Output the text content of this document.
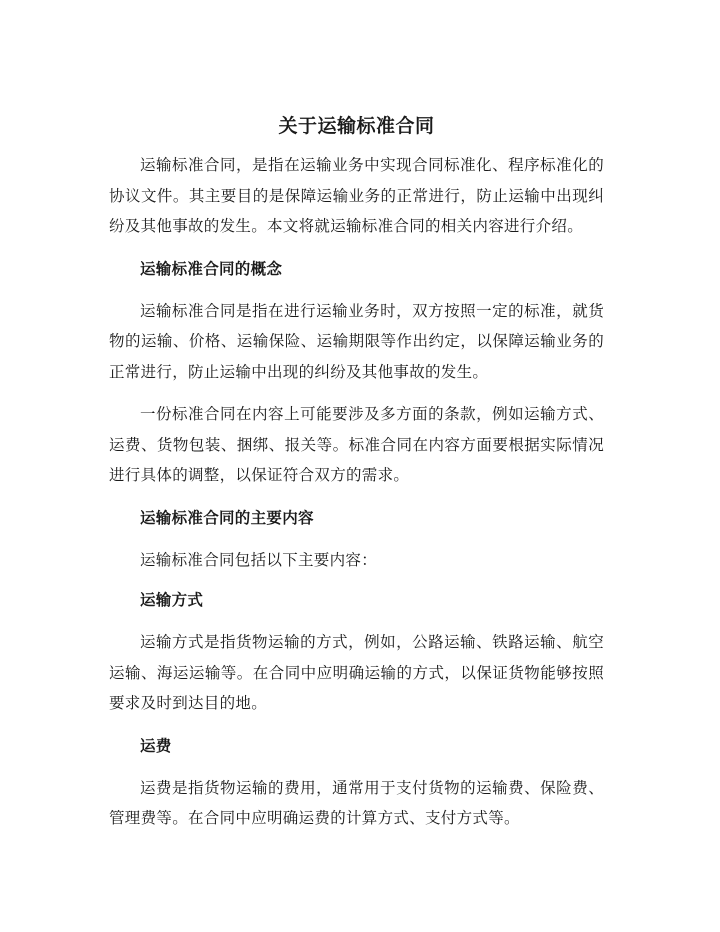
关于运输标准合同

运输标准合同，是指在运输业务中实现合同标准化、程序标准化的协议文件。其主要目的是保障运输业务的正常进行，防止运输中出现纠纷及其他事故的发生。本文将就运输标准合同的相关内容进行介绍。

运输标准合同的概念

运输标准合同是指在进行运输业务时，双方按照一定的标准，就货物的运输、价格、运输保险、运输期限等作出约定，以保障运输业务的正常进行，防止运输中出现的纠纷及其他事故的发生。

一份标准合同在内容上可能要涉及多方面的条款，例如运输方式、运费、货物包装、捆绑、报关等。标准合同在内容方面要根据实际情况进行具体的调整，以保证符合双方的需求。

运输标准合同的主要内容

运输标准合同包括以下主要内容：

运输方式

运输方式是指货物运输的方式，例如，公路运输、铁路运输、航空运输、海运运输等。在合同中应明确运输的方式，以保证货物能够按照要求及时到达目的地。

运费

运费是指货物运输的费用，通常用于支付货物的运输费、保险费、管理费等。在合同中应明确运费的计算方式、支付方式等。
